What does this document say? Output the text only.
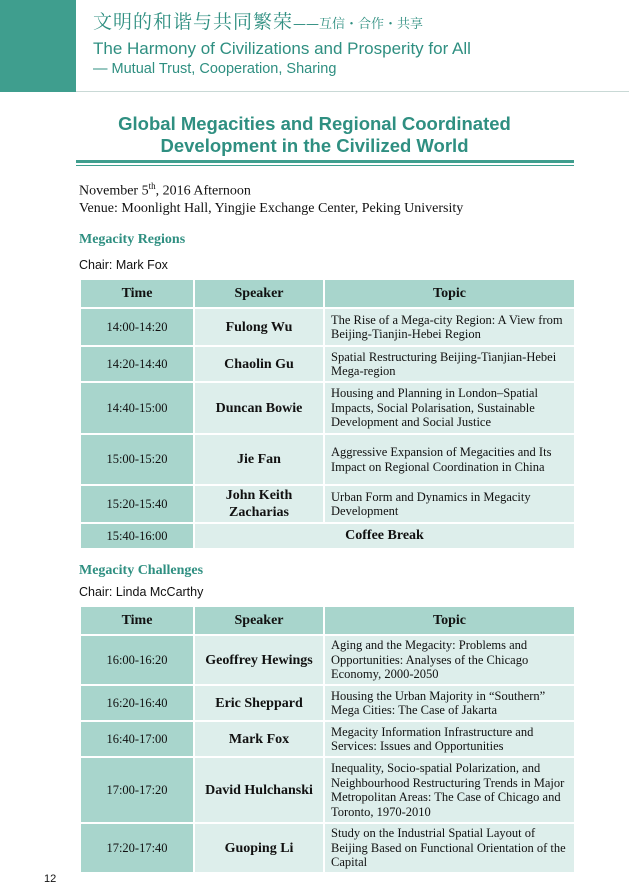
文明的和谐与共同繁荣——互信・合作・共享
The Harmony of Civilizations and Prosperity for All
— Mutual Trust, Cooperation, Sharing
Global Megacities and Regional Coordinated
Development in the Civilized World
November 5th, 2016 Afternoon
Venue: Moonlight Hall, Yingjie Exchange Center, Peking University
Megacity Regions
Chair: Mark Fox
Time	Speaker	Topic
14:00-14:20	Fulong Wu	The Rise of a Mega-city Region: A View from Beijing-Tianjin-Hebei Region
14:20-14:40	Chaolin Gu	Spatial Restructuring Beijing-Tianjian-Hebei Mega-region
14:40-15:00	Duncan Bowie	Housing and Planning in London–Spatial Impacts, Social Polarisation, Sustainable Development and Social Justice
15:00-15:20	Jie Fan	Aggressive Expansion of Megacities and Its Impact on Regional Coordination in China
15:20-15:40	John Keith Zacharias	Urban Form and Dynamics in Megacity Development
15:40-16:00	Coffee Break	
Megacity Challenges
Chair: Linda McCarthy
Time	Speaker	Topic
16:00-16:20	Geoffrey Hewings	Aging and the Megacity: Problems and Opportunities: Analyses of the Chicago Economy, 2000-2050
16:20-16:40	Eric Sheppard	Housing the Urban Majority in “Southern” Mega Cities: The Case of Jakarta
16:40-17:00	Mark Fox	Megacity Information Infrastructure and Services: Issues and Opportunities
17:00-17:20	David Hulchanski	Inequality, Socio-spatial Polarization, and Neighbourhood Restructuring Trends in Major Metropolitan Areas: The Case of Chicago and Toronto, 1970-2010
17:20-17:40	Guoping Li	Study on the Industrial Spatial Layout of Beijing Based on Functional Orientation of the Capital
12
